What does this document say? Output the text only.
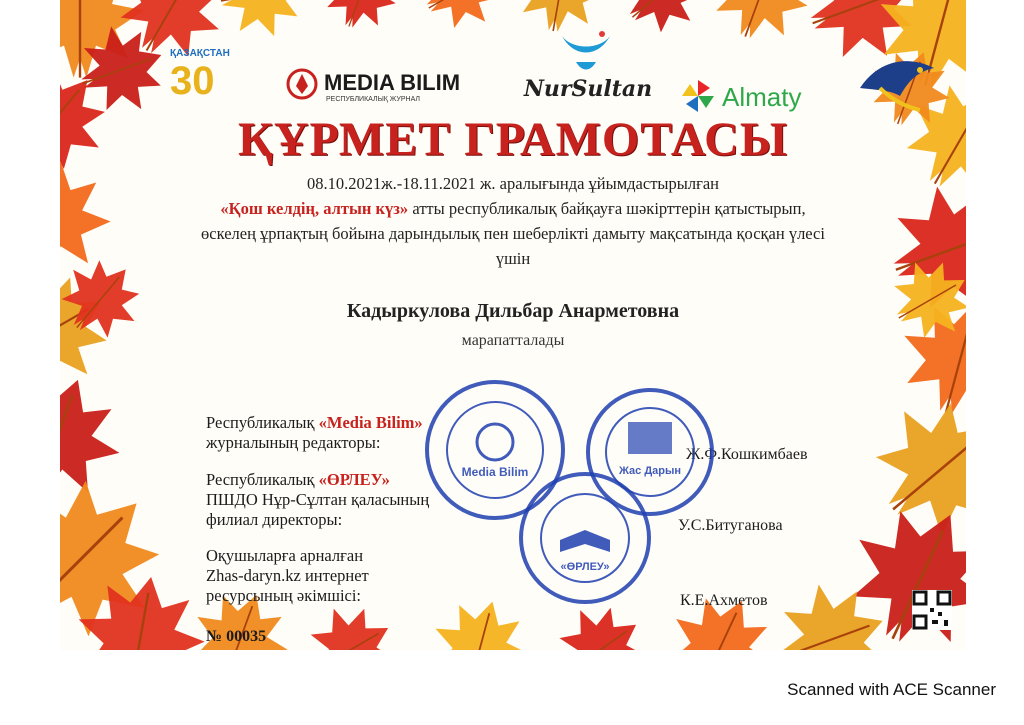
ҚАЗАҚСТАН
30	MEDIA BILIM
РЕСПУБЛИКАЛЫҚ ЖУРНАЛ	NurSultan	Almaty
ҚҰРМЕТ ГРАМОТАСЫ
08.10.2021ж.-18.11.2021 ж. аралығында ұйымдастырылған
«Қош келдің, алтын күз» атты республикалық байқауға шәкірттерін қатыстырып,
өскелең ұрпақтың бойына дарындылық пен шеберлікті дамыту мақсатында қосқан үлесі
үшін
Кадыркулова Дильбар Анарметовна
марапатталады
Республикалық «Media Bilim»
журналының редакторы:
Ж.Ф.Кошкимбаев
Республикалық «ӨРЛЕУ»
ПШДО Нұр-Сұлтан қаласының
филиал директоры:	У.С.Битуганова
Оқушыларға арналған
Zhas-daryn.kz интернет
ресурсының әкімшісі:	К.Е.Ахметов
Media Bilim	Жас Дарын
«ӨРЛЕУ»
№ 00035
Scanned with ACE Scanner
